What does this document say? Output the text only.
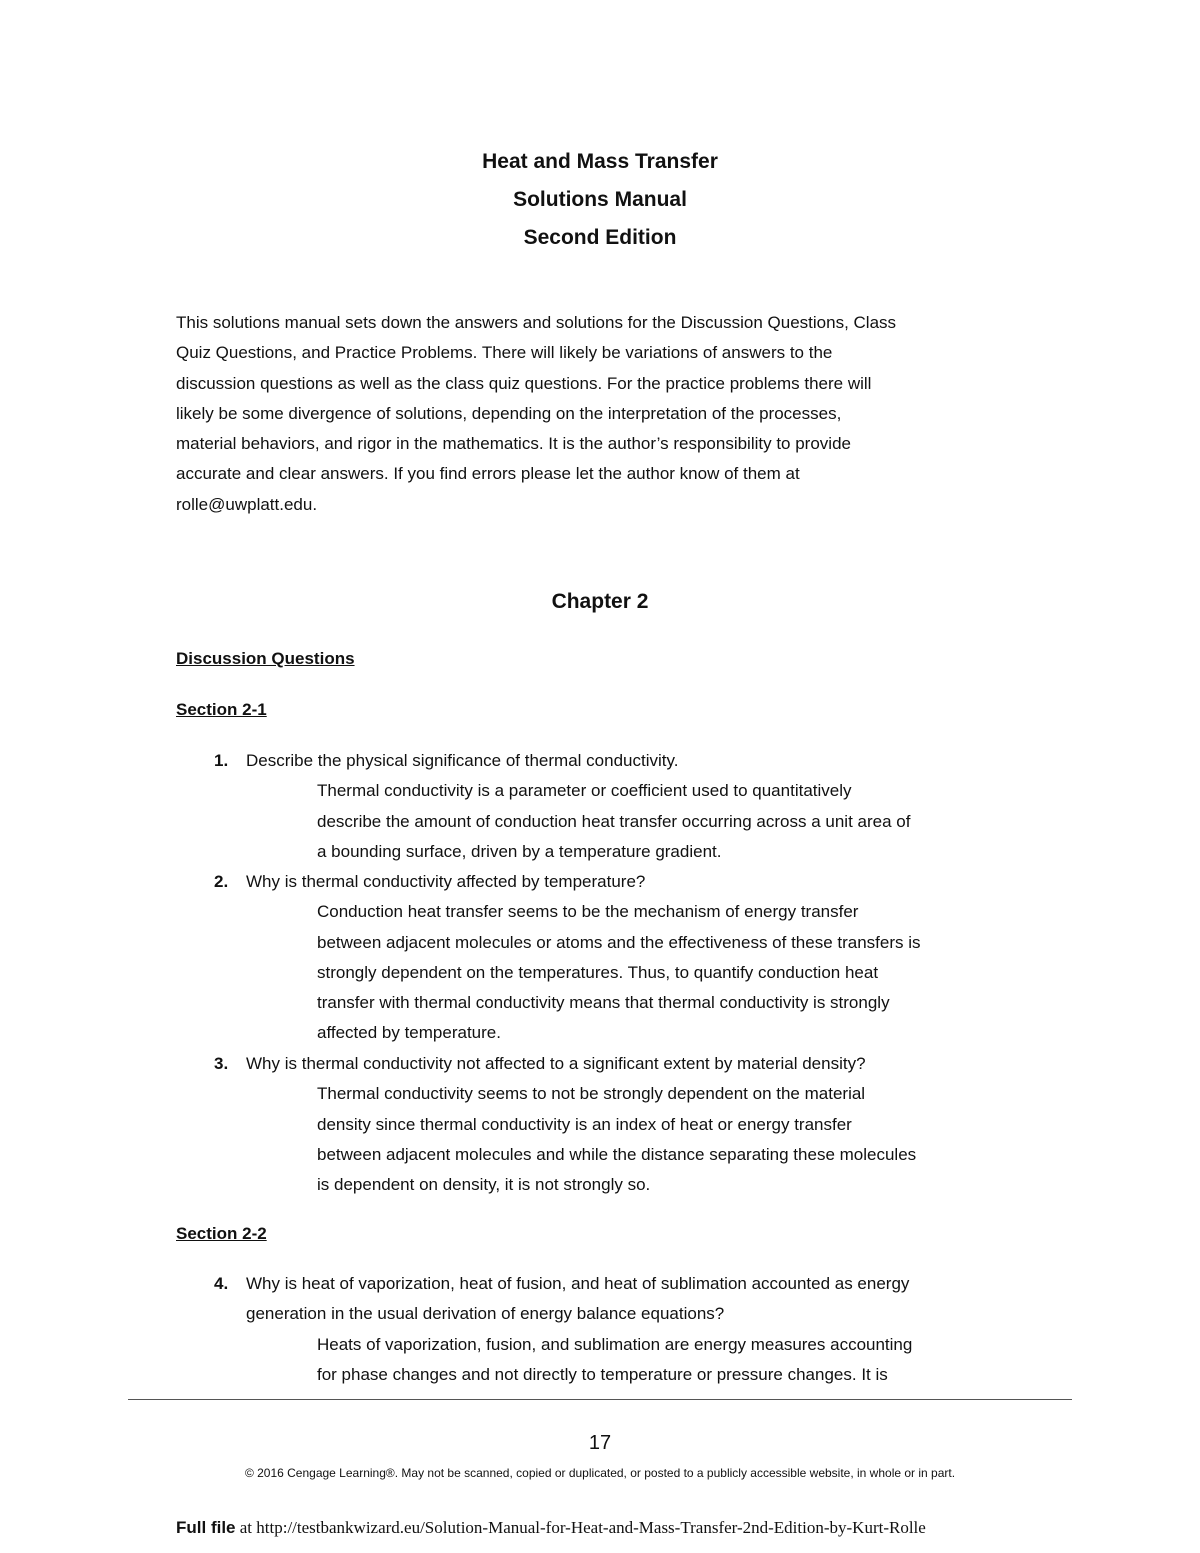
Heat and Mass Transfer
Solutions Manual
Second Edition
This solutions manual sets down the answers and solutions for the Discussion Questions, Class
Quiz Questions, and Practice Problems. There will likely be variations of answers to the
discussion questions as well as the class quiz questions. For the practice problems there will
likely be some divergence of solutions, depending on the interpretation of the processes,
material behaviors, and rigor in the mathematics. It is the author’s responsibility to provide
accurate and clear answers. If you find errors please let the author know of them at
rolle@uwplatt.edu.
Chapter 2
Discussion Questions
Section 2-1
1. Describe the physical significance of thermal conductivity.
Thermal conductivity is a parameter or coefficient used to quantitatively
describe the amount of conduction heat transfer occurring across a unit area of
a bounding surface, driven by a temperature gradient.
2. Why is thermal conductivity affected by temperature?
Conduction heat transfer seems to be the mechanism of energy transfer
between adjacent molecules or atoms and the effectiveness of these transfers is
strongly dependent on the temperatures. Thus, to quantify conduction heat
transfer with thermal conductivity means that thermal conductivity is strongly
affected by temperature.
3. Why is thermal conductivity not affected to a significant extent by material density?
Thermal conductivity seems to not be strongly dependent on the material
density since thermal conductivity is an index of heat or energy transfer
between adjacent molecules and while the distance separating these molecules
is dependent on density, it is not strongly so.
Section 2-2
4. Why is heat of vaporization, heat of fusion, and heat of sublimation accounted as energy
generation in the usual derivation of energy balance equations?
Heats of vaporization, fusion, and sublimation are energy measures accounting
for phase changes and not directly to temperature or pressure changes. It is
17
© 2016 Cengage Learning®. May not be scanned, copied or duplicated, or posted to a publicly accessible website, in whole or in part.
Full file at http://testbankwizard.eu/Solution-Manual-for-Heat-and-Mass-Transfer-2nd-Edition-by-Kurt-Rolle
